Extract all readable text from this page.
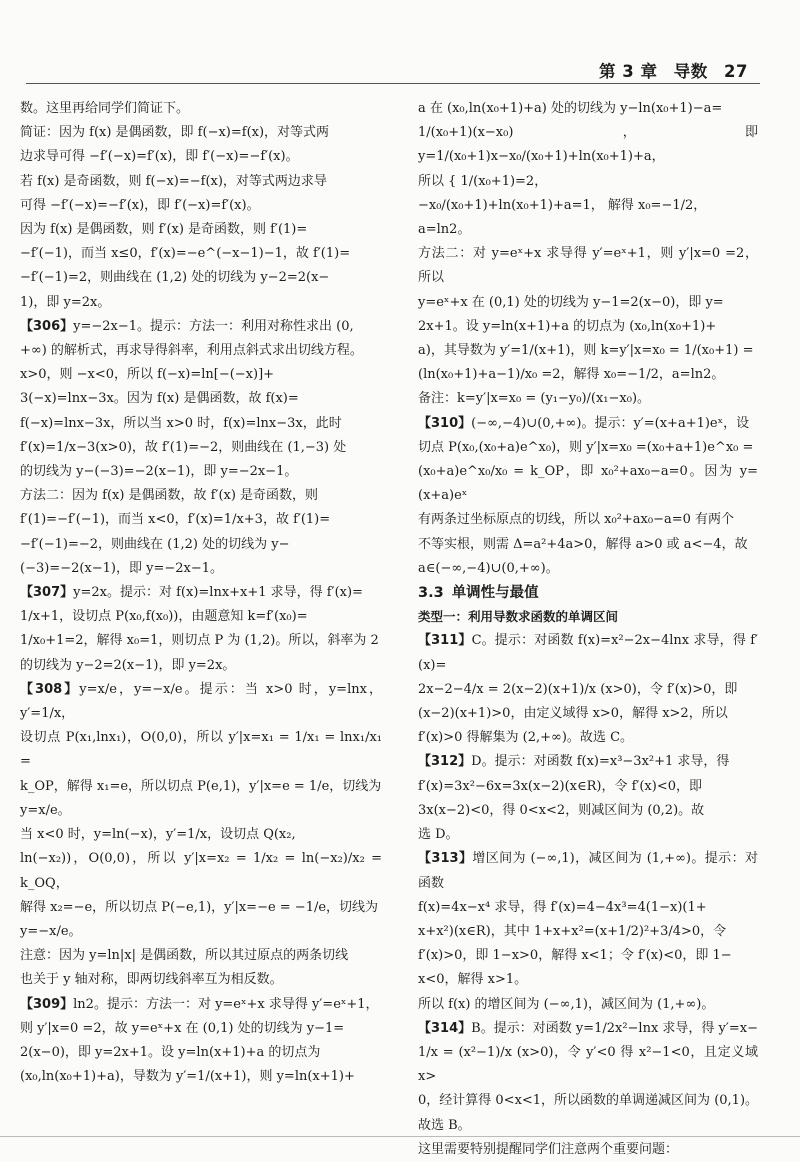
第 3 章 导数 27

数。这里再给同学们简证下。

简证：因为 f(x) 是偶函数，即 f(−x)=f(x)，对等式两

边求导可得 −f′(−x)=f′(x)，即 f′(−x)=−f′(x)。

若 f(x) 是奇函数，则 f(−x)=−f(x)，对等式两边求导

可得 −f′(−x)=−f′(x)，即 f′(−x)=f′(x)。

因为 f(x) 是偶函数，则 f′(x) 是奇函数，则 f′(1)=

−f′(−1)，而当 x≤0，f′(x)=−e^(−x−1)−1，故 f′(1)=

−f′(−1)=2，则曲线在 (1,2) 处的切线为 y−2=2(x−

1)，即 y=2x。

【306】y=−2x−1。提示：方法一：利用对称性求出 (0,

+∞) 的解析式，再求导得斜率，利用点斜式求出切线方程。

x>0，则 −x<0，所以 f(−x)=ln[−(−x)]+

3(−x)=lnx−3x。因为 f(x) 是偶函数，故 f(x)=

f(−x)=lnx−3x，所以当 x>0 时，f(x)=lnx−3x，此时

f′(x)=1/x−3(x>0)，故 f′(1)=−2，则曲线在 (1,−3) 处

的切线为 y−(−3)=−2(x−1)，即 y=−2x−1。

方法二：因为 f(x) 是偶函数，故 f′(x) 是奇函数，则

f′(1)=−f′(−1)，而当 x<0，f′(x)=1/x+3，故 f′(1)=

−f′(−1)=−2，则曲线在 (1,2) 处的切线为 y−

(−3)=−2(x−1)，即 y=−2x−1。

【307】y=2x。提示：对 f(x)=lnx+x+1 求导，得 f′(x)=

1/x+1，设切点 P(x₀,f(x₀))，由题意知 k=f′(x₀)=

1/x₀+1=2，解得 x₀=1，则切点 P 为 (1,2)。所以，斜率为 2

的切线为 y−2=2(x−1)，即 y=2x。

【308】y=x/e，y=−x/e。提示：当 x>0 时，y=lnx，y′=1/x，

设切点 P(x₁,lnx₁)，O(0,0)，所以 y′|x=x₁ = 1/x₁ = lnx₁/x₁ =

k_OP，解得 x₁=e，所以切点 P(e,1)，y′|x=e = 1/e，切线为

y=x/e。

当 x<0 时，y=ln(−x)，y′=1/x，设切点 Q(x₂,

ln(−x₂))，O(0,0)，所以 y′|x=x₂ = 1/x₂ = ln(−x₂)/x₂ = k_OQ，

解得 x₂=−e，所以切点 P(−e,1)，y′|x=−e = −1/e，切线为

y=−x/e。

注意：因为 y=ln|x| 是偶函数，所以其过原点的两条切线

也关于 y 轴对称，即两切线斜率互为相反数。

【309】ln2。提示：方法一：对 y=eˣ+x 求导得 y′=eˣ+1，

则 y′|x=0 =2，故 y=eˣ+x 在 (0,1) 处的切线为 y−1=

2(x−0)，即 y=2x+1。设 y=ln(x+1)+a 的切点为

(x₀,ln(x₀+1)+a)，导数为 y′=1/(x+1)，则 y=ln(x+1)+

a 在 (x₀,ln(x₀+1)+a) 处的切线为 y−ln(x₀+1)−a=

1/(x₀+1)(x−x₀)，即 y=1/(x₀+1)x−x₀/(x₀+1)+ln(x₀+1)+a，

所以 { 1/(x₀+1)=2，

−x₀/(x₀+1)+ln(x₀+1)+a=1， 解得 x₀=−1/2，

a=ln2。

方法二：对 y=eˣ+x 求导得 y′=eˣ+1，则 y′|x=0 =2，所以

y=eˣ+x 在 (0,1) 处的切线为 y−1=2(x−0)，即 y=

2x+1。设 y=ln(x+1)+a 的切点为 (x₀,ln(x₀+1)+

a)，其导数为 y′=1/(x+1)，则 k=y′|x=x₀ = 1/(x₀+1) =

(ln(x₀+1)+a−1)/x₀ =2，解得 x₀=−1/2，a=ln2。

备注：k=y′|x=x₀ = (y₁−y₀)/(x₁−x₀)。

【310】(−∞,−4)∪(0,+∞)。提示：y′=(x+a+1)eˣ，设

切点 P(x₀,(x₀+a)e^x₀)，则 y′|x=x₀ =(x₀+a+1)e^x₀ =

(x₀+a)e^x₀/x₀ = k_OP，即 x₀²+ax₀−a=0。因为 y=(x+a)eˣ

有两条过坐标原点的切线，所以 x₀²+ax₀−a=0 有两个

不等实根，则需 Δ=a²+4a>0，解得 a>0 或 a<−4，故

a∈(−∞,−4)∪(0,+∞)。

3.3 单调性与最值

类型一：利用导数求函数的单调区间

【311】C。提示：对函数 f(x)=x²−2x−4lnx 求导，得 f′(x)=

2x−2−4/x = 2(x−2)(x+1)/x (x>0)，令 f′(x)>0，即

(x−2)(x+1)>0，由定义域得 x>0，解得 x>2，所以

f′(x)>0 得解集为 (2,+∞)。故选 C。

【312】D。提示：对函数 f(x)=x³−3x²+1 求导，得

f′(x)=3x²−6x=3x(x−2)(x∈R)，令 f′(x)<0，即

3x(x−2)<0，得 0<x<2，则减区间为 (0,2)。故

选 D。

【313】增区间为 (−∞,1)，减区间为 (1,+∞)。提示：对函数

f(x)=4x−x⁴ 求导，得 f′(x)=4−4x³=4(1−x)(1+

x+x²)(x∈R)，其中 1+x+x²=(x+1/2)²+3/4>0，令

f′(x)>0，即 1−x>0，解得 x<1；令 f′(x)<0，即 1−

x<0，解得 x>1。

所以 f(x) 的增区间为 (−∞,1)，减区间为 (1,+∞)。

【314】B。提示：对函数 y=1/2x²−lnx 求导，得 y′=x−

1/x = (x²−1)/x (x>0)，令 y′<0 得 x²−1<0，且定义域 x>

0，经计算得 0<x<1，所以函数的单调递减区间为 (0,1)。

故选 B。

这里需要特别提醒同学们注意两个重要问题：
